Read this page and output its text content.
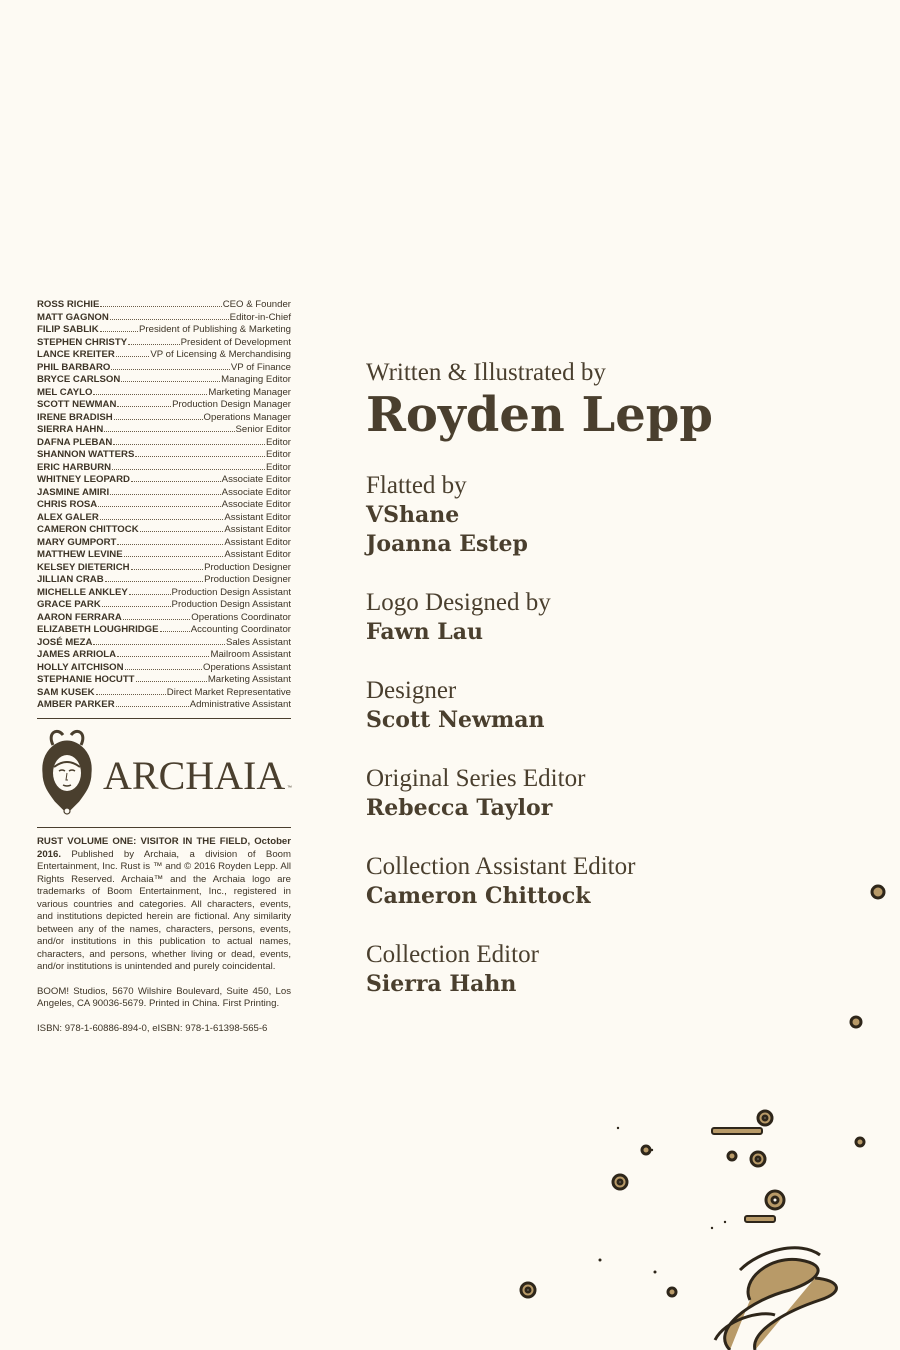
ROSS RICHIE	CEO & Founder
MATT GAGNON	Editor-in-Chief
FILIP SABLIK	President of Publishing & Marketing
STEPHEN CHRISTY	President of Development
LANCE KREITER	VP of Licensing & Merchandising
PHIL BARBARO	VP of Finance
BRYCE CARLSON	Managing Editor
MEL CAYLO	Marketing Manager
SCOTT NEWMAN	Production Design Manager
IRENE BRADISH	Operations Manager
SIERRA HAHN	Senior Editor
DAFNA PLEBAN	Editor
SHANNON WATTERS	Editor
ERIC HARBURN	Editor
WHITNEY LEOPARD	Associate Editor
JASMINE AMIRI	Associate Editor
CHRIS ROSA	Associate Editor
ALEX GALER	Assistant Editor
CAMERON CHITTOCK	Assistant Editor
MARY GUMPORT	Assistant Editor
MATTHEW LEVINE	Assistant Editor
KELSEY DIETERICH	Production Designer
JILLIAN CRAB	Production Designer
MICHELLE ANKLEY	Production Design Assistant
GRACE PARK	Production Design Assistant
AARON FERRARA	Operations Coordinator
ELIZABETH LOUGHRIDGE	Accounting Coordinator
JOSÉ MEZA	Sales Assistant
JAMES ARRIOLA	Mailroom Assistant
HOLLY AITCHISON	Operations Assistant
STEPHANIE HOCUTT	Marketing Assistant
SAM KUSEK	Direct Market Representative
AMBER PARKER	Administrative Assistant
ARCHAIA ™

RUST VOLUME ONE: VISITOR IN THE FIELD, October 2016. Published by Archaia, a division of Boom Entertainment, Inc. Rust is ™ and © 2016 Royden Lepp. All Rights Reserved. Archaia™ and the Archaia logo are trademarks of Boom Entertainment, Inc., registered in various countries and categories. All characters, events, and institutions depicted herein are fictional. Any similarity between any of the names, characters, persons, events, and/or institutions in this publication to actual names, characters, and persons, whether living or dead, events, and/or institutions is unintended and purely coincidental.

BOOM! Studios, 5670 Wilshire Boulevard, Suite 450, Los Angeles, CA 90036-5679. Printed in China. First Printing.

ISBN: 978-1-60886-894-0, eISBN: 978-1-61398-565-6

Written & Illustrated by
Royden Lepp
Flatted by

VShane

Joanna Estep

Logo Designed by

Fawn Lau

Designer

Scott Newman

Original Series Editor

Rebecca Taylor

Collection Assistant Editor

Cameron Chittock

Collection Editor

Sierra Hahn
